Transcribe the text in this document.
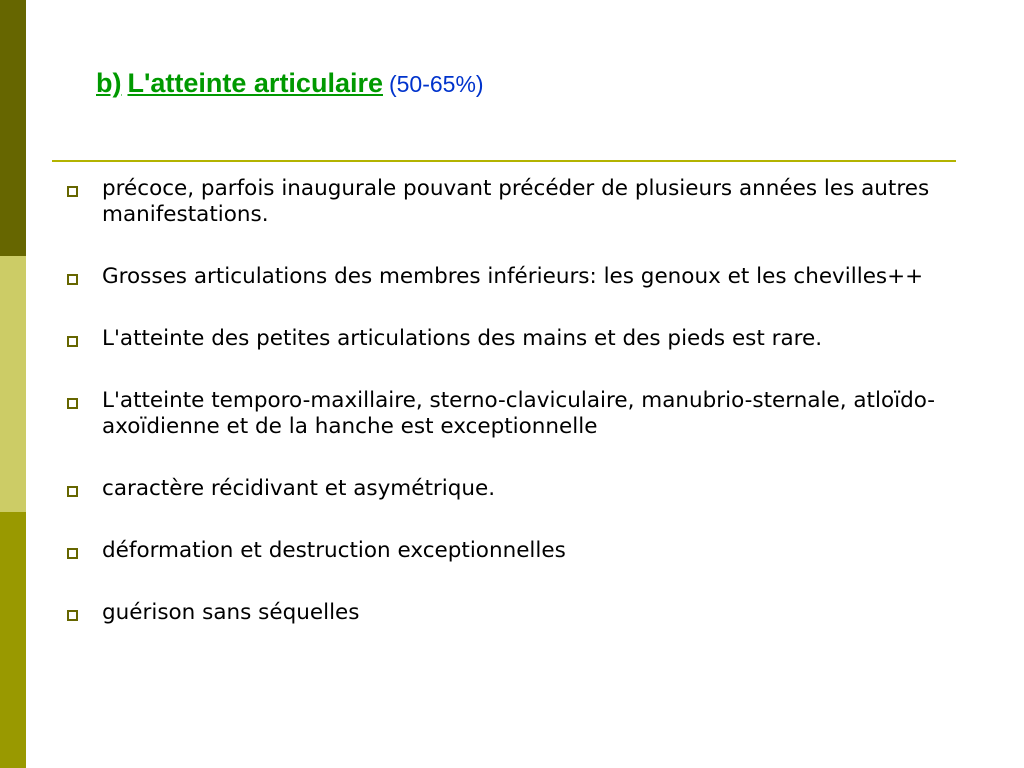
b) L'atteinte articulaire (50-65%)
précoce, parfois inaugurale pouvant précéder de plusieurs années les autres manifestations.
Grosses articulations des membres inférieurs: les genoux et les chevilles++
L'atteinte des petites articulations des mains et des pieds est rare.
L'atteinte temporo-maxillaire, sterno-claviculaire, manubrio-sternale, atloïdo-axoïdienne et de la hanche est exceptionnelle
caractère récidivant et asymétrique.
déformation et destruction exceptionnelles
guérison sans séquelles
